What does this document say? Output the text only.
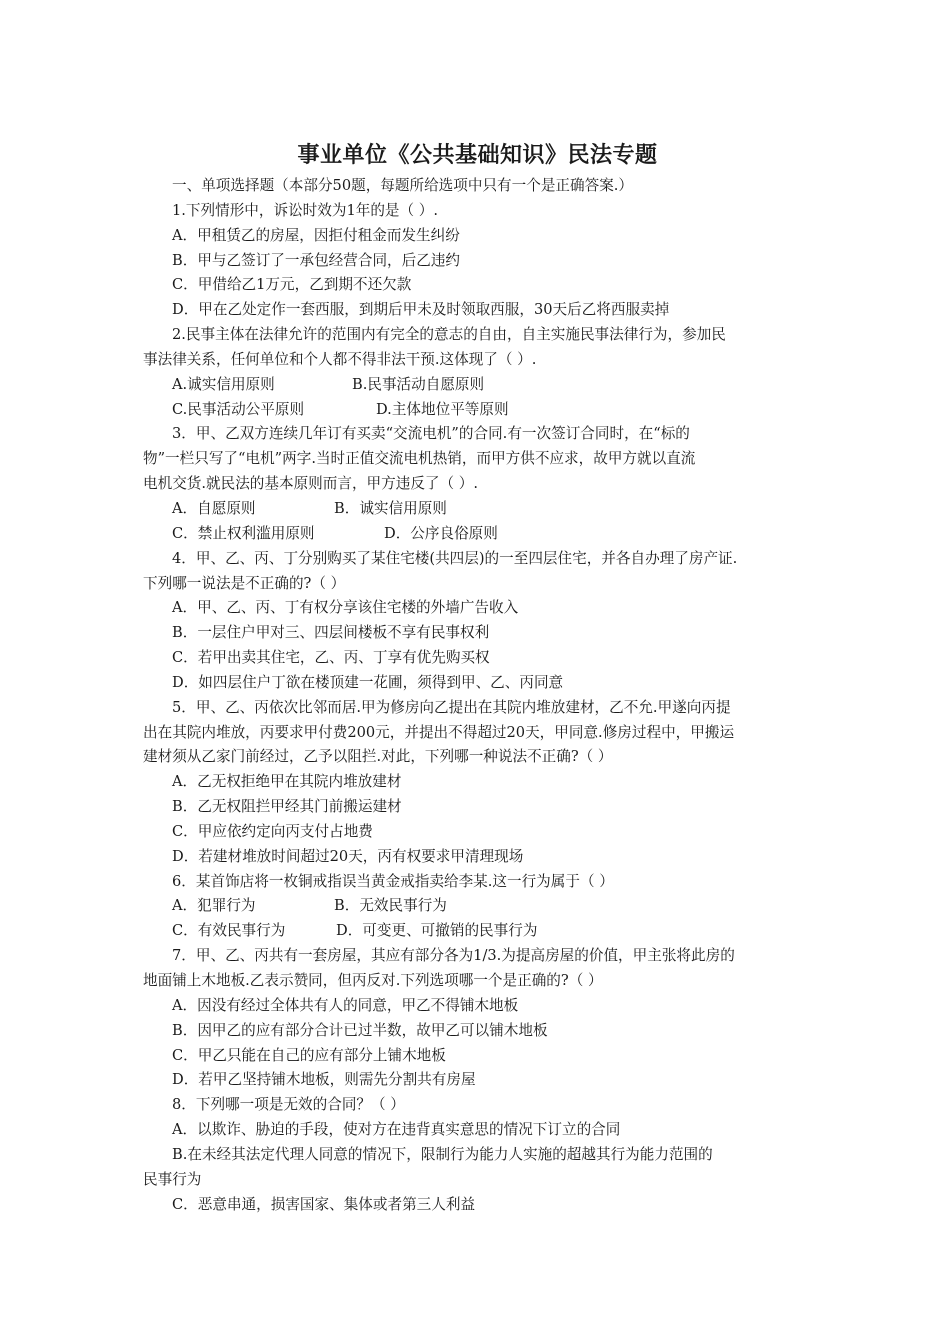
事业单位《公共基础知识》民法专题
一、单项选择题（本部分50题，每题所给选项中只有一个是正确答案.）
1.下列情形中，诉讼时效为1年的是（ ）.
A．甲租赁乙的房屋，因拒付租金而发生纠纷
B．甲与乙签订了一承包经营合同，后乙违约
C．甲借给乙1万元，乙到期不还欠款
D．甲在乙处定作一套西服，到期后甲未及时领取西服，30天后乙将西服卖掉
2.民事主体在法律允许的范围内有完全的意志的自由，自主实施民事法律行为，参加民
事法律关系，任何单位和个人都不得非法干预.这体现了（ ）.
A.诚实信用原则	B.民事活动自愿原则
C.民事活动公平原则	D.主体地位平等原则
3．甲、乙双方连续几年订有买卖“交流电机”的合同.有一次签订合同时，在“标的
物”一栏只写了“电机”两字.当时正值交流电机热销，而甲方供不应求，故甲方就以直流
电机交货.就民法的基本原则而言，甲方违反了（ ）.
A．自愿原则	B．诚实信用原则
C．禁止权利滥用原则	D．公序良俗原则
4．甲、乙、丙、丁分别购买了某住宅楼(共四层)的一至四层住宅，并各自办理了房产证.
下列哪一说法是不正确的?（ ）
A．甲、乙、丙、丁有权分享该住宅楼的外墙广告收入
B．一层住户甲对三、四层间楼板不享有民事权利
C．若甲出卖其住宅，乙、丙、丁享有优先购买权
D．如四层住户丁欲在楼顶建一花圃，须得到甲、乙、丙同意
5．甲、乙、丙依次比邻而居.甲为修房向乙提出在其院内堆放建材，乙不允.甲遂向丙提
出在其院内堆放，丙要求甲付费200元，并提出不得超过20天，甲同意.修房过程中，甲搬运
建材须从乙家门前经过，乙予以阻拦.对此，下列哪一种说法不正确?（ ）
A．乙无权拒绝甲在其院内堆放建材
B．乙无权阻拦甲经其门前搬运建材
C．甲应依约定向丙支付占地费
D．若建材堆放时间超过20天，丙有权要求甲清理现场
6．某首饰店将一枚铜戒指误当黄金戒指卖给李某.这一行为属于（ ）
A．犯罪行为	B．无效民事行为
C．有效民事行为	D．可变更、可撤销的民事行为
7．甲、乙、丙共有一套房屋，其应有部分各为1/3.为提高房屋的价值，甲主张将此房的
地面铺上木地板.乙表示赞同，但丙反对.下列选项哪一个是正确的?（ ）
A．因没有经过全体共有人的同意，甲乙不得铺木地板
B．因甲乙的应有部分合计已过半数，故甲乙可以铺木地板
C．甲乙只能在自己的应有部分上铺木地板
D．若甲乙坚持铺木地板，则需先分割共有房屋
8．下列哪一项是无效的合同？（ ）
A．以欺诈、胁迫的手段，使对方在违背真实意思的情况下订立的合同
B.在未经其法定代理人同意的情况下，限制行为能力人实施的超越其行为能力范围的
民事行为
C．恶意串通，损害国家、集体或者第三人利益
